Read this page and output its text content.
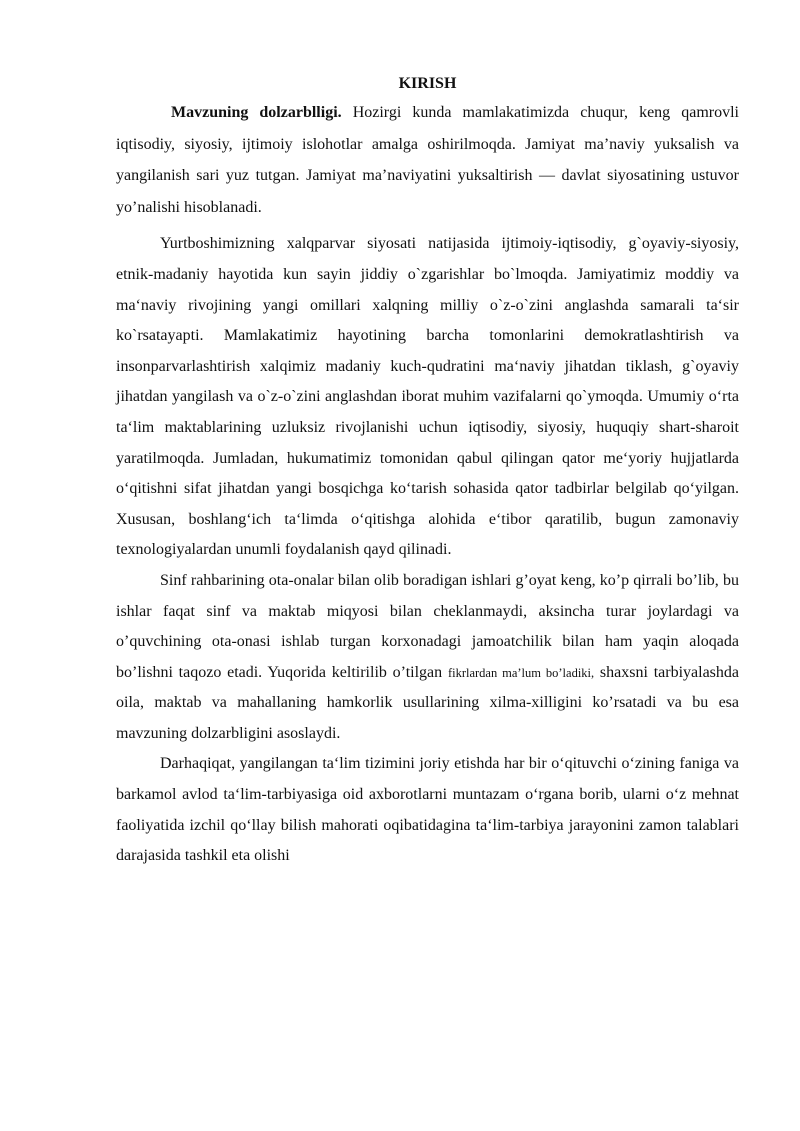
KIRISH

Mavzuning dolzarblligi. Hozirgi kunda mamlakatimizda chuqur, keng qamrovli iqtisodiy, siyosiy, ijtimoiy islohotlar amalga oshirilmoqda. Jamiyat ma’naviy yuksalish va yangilanish sari yuz tutgan. Jamiyat ma’naviyatini yuksaltirish — davlat siyosatining ustuvor yo’nalishi hisoblanadi.

Yurtboshimizning xalqparvar siyosati natijasida ijtimoiy-iqtisodiy, g`oyaviy-siyosiy, etnik-madaniy hayotida kun sayin jiddiy o`zgarishlar bo`lmoqda. Jamiyatimiz moddiy va ma‘naviy rivojining yangi omillari xalqning milliy o`z-o`zini anglashda samarali ta‘sir ko`rsatayapti. Mamlakatimiz hayotining barcha tomonlarini demokratlashtirish va insonparvarlashtirish xalqimiz madaniy kuch-qudratini ma‘naviy jihatdan tiklash, g`oyaviy jihatdan yangilash va o`z-o`zini anglashdan iborat muhim vazifalarni qo`ymoqda. Umumiy o‘rta ta‘lim maktablarining uzluksiz rivojlanishi uchun iqtisodiy, siyosiy, huquqiy shart-sharoit yaratilmoqda. Jumladan, hukumatimiz tomonidan qabul qilingan qator me‘yoriy hujjatlarda o‘qitishni sifat jihatdan yangi bosqichga ko‘tarish sohasida qator tadbirlar belgilab qo‘yilgan. Xususan, boshlang‘ich ta‘limda o‘qitishga alohida e‘tibor qaratilib, bugun zamonaviy texnologiyalardan unumli foydalanish qayd qilinadi.

Sinf rahbarining ota-onalar bilan olib boradigan ishlari g’oyat keng, ko’p qirrali bo’lib, bu ishlar faqat sinf va maktab miqyosi bilan cheklanmaydi, aksincha turar joylardagi va o’quvchining ota-onasi ishlab turgan korxonadagi jamoatchilik bilan ham yaqin aloqada bo’lishni taqozo etadi. Yuqorida keltirilib o’tilgan fikrlardan ma’lum bo’ladiki, shaxsni tarbiyalashda oila, maktab va mahallaning hamkorlik usullarining xilma-xilligini ko’rsatadi va bu esa mavzuning dolzarbligini asoslaydi.

Darhaqiqat, yangilangan ta‘lim tizimini joriy etishda har bir o‘qituvchi o‘zining faniga va barkamol avlod ta‘lim-tarbiyasiga oid axborotlarni muntazam o‘rgana borib, ularni o‘z mehnat faoliyatida izchil qo‘llay bilish mahorati oqibatidagina ta‘lim-tarbiya jarayonini zamon talablari darajasida tashkil eta olishi
